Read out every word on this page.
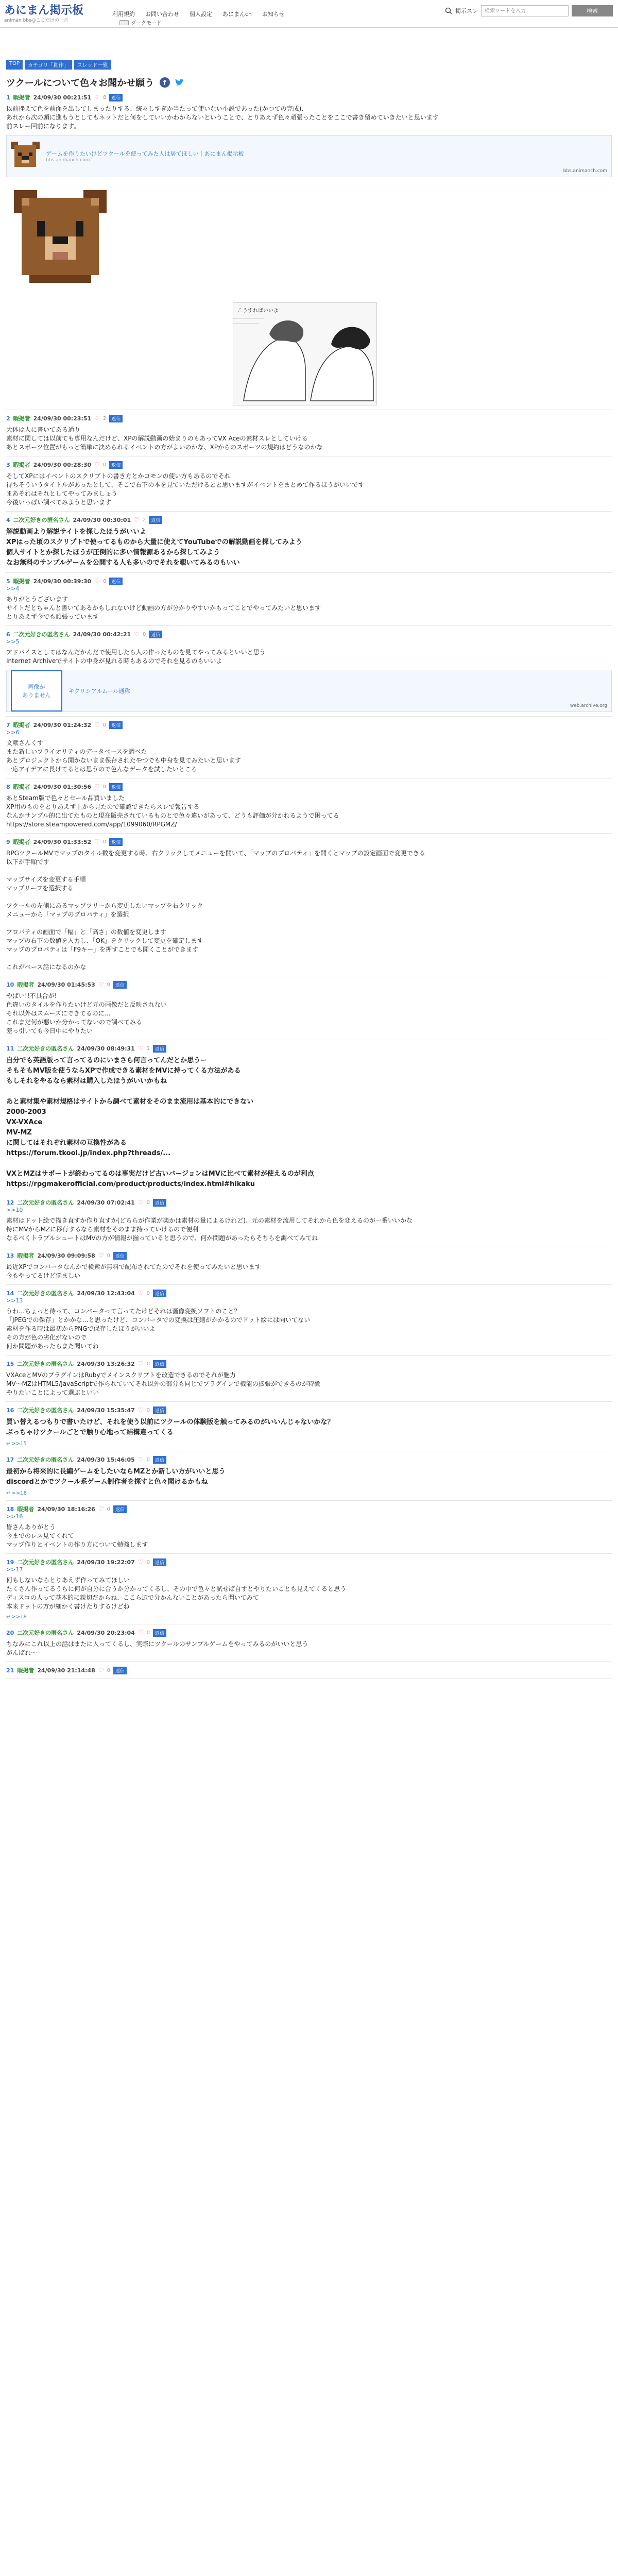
あにまん掲示板
animan bbs@ここだけの一言
利用規約 お問い合わせ 個人設定 あにまんch お知らせ
ダークモード
掲示スレ
検索ワードを入力	検索
TOP	カテゴリ「創作」	スレッド一覧
ツクールについて色々お聞かせ願う f
1 暇掲者 24/09/30 00:21:51 ♡ 8	返信
以前挫えて色を前面を出してしまったりする、統々しすぎか当たって使いない小説であった(かつての完成)、
あれから次の頭に進もうとしてもネットだと何をしていいかわからないということで、とりあえず色々頑張ったことをここで書き留めていきたいと思います
前スレー回前になります。
ゲームを作りたいけどツクールを使ってみた人は居てほしい｜あにまん掲示板
bbs.animanch.com
bbs.animanch.com
こうすればいいよ
2 暇掲者 24/09/30 00:23:51 ♡ 2	返信
大体は人に書いてある通り
素材に関しては以前ても専用なんだけど、XPの解説動画の始まりのもあってVX Aceの素材スレとしていける
あとスポーツ位置がもっと簡単に決められるイベントの方がよいのかな、XPからのスポーツの規約はどうなのかな
3 暇掲者 24/09/30 00:28:30 ♡ 0	返信
そしてXPにはイベントのスクリプトの書き方とかコモンの使い方もあるのでそれ
待ちそういうタイトルがあったとして、そこで右下の本を見ていただけるとと思いますがイベントをまとめて作るほうがいいです
まあそれはそれとしてやってみましょう
今後いっぱい調べてみようと思います
4 二次元好きの匿名さん 24/09/30 00:30:01 ♡ 2	返信
解説動画より解説サイトを探したほうがいいよ
XPはった頃のスクリプトで使ってるものから大量に使えてYouTubeでの解説動画を探してみよう
個人サイトとか探したほうが圧倒的に多い情報源あるから探してみよう
なお無料のサンプルゲームを公開する人も多いのでそれを覗いてみるのもいい
5 暇掲者 24/09/30 00:39:30 ♡ 0	返信
>>4
ありがとうございます
サイトだとちゃんと書いてあるかもしれないけど動画の方が分かりやすいかもってことでやってみたいと思います
とりあえず今でも頑張っています
6 二次元好きの匿名さん 24/09/30 00:42:21 ♡ 0	返信
>>5
アドバイスとしてはなんだかんだで使用したら人の作ったものを見てやってみるといいと思う
Internet Archiveでサイトの中身が見れる時もあるのでそれを見るのもいいよ
画像が
ありません
キクリシアルムール通称
web.archive.org
7 暇掲者 24/09/30 01:24:32 ♡ 0	返信
>>6
文献さんくす
また新しいプライオリティのデータベースを調べた
あとプロジェクトから開かないまま保存されたやつでも中身を見てみたいと思います
一応アイデアに長けてるとは思うので色んなデータを試したいところ
8 暇掲者 24/09/30 01:30:56 ♡ 0	返信
あとSteam版で色々とセール品買いました
XP用のものをとりあえず上から見たので確認できたらスレで報告する
なんかサンプル的に出てたものと現在販売されているものとで色々違いがあって、どうも評価が分かれるようで困ってる
https://store.steampowered.com/app/1099060/RPGMZ/
9 暇掲者 24/09/30 01:33:52 ♡ 0	返信
RPGツクールMVでマップのタイル数を変更する時、右クリックしてメニューを開いて、「マップのプロパティ」を開くとマップの設定画面で変更できる
以下が手順です

マップサイズを変更する手順
マップリーフを選択する

ツクールの左側にあるマップツリーから変更したいマップを右クリック
メニューから「マップのプロパティ」を選択

プロパティの画面で「幅」と「高さ」の数値を変更します
マップの右下の数値を入力し、「OK」をクリックして変更を確定します
マップのプロパティは「F9キー」を押すことでも開くことができます

これがベース話になるのかな
10 暇掲者 24/09/30 01:45:53 ♡ 0	返信
やばい!!不具合が!
色違いのタイルを作りたいけど元の画像だと反映されない
それ以外はスムーズにできてるのに…
これまだ何が悪いか分かってないので調べてみる
差っ引いても今日中にやりたい
11 二次元好きの匿名さん 24/09/30 08:49:31 ♡ 1	返信
自分でも英語版って言ってるのにいまさら何言ってんだとか思うー
そもそもMV版を使うならXPで作成できる素材をMVに持ってくる方法がある
もしそれをやるなら素材は購入したほうがいいかもね

あと素材集や素材規格はサイトから調べて素材をそのまま流用は基本的にできない
2000-2003
VX-VXAce
MV-MZ
に関してはそれぞれ素材の互換性がある
https://forum.tkool.jp/index.php?threads/...

VXとMZはサポートが終わってるのは事実だけど古いバージョンはMVに比べて素材が使えるのが利点
https://rpgmakerofficial.com/product/products/index.html#hikaku
12 二次元好きの匿名さん 24/09/30 07:02:41 ♡ 0	返信
>>10
素材はドット絵で描き直すか作り直すか(どちらが作業が楽かは素材の量によるけれど)、元の素材を流用してそれから色を変えるのが一番いいかな
特にMVからMZに移行するなら素材をそのまま持っていけるので便利
なるべくトラブルシュートはMVの方が情報が揃っていると思うので、何か問題があったらそちらを調べてみてね
13 暇掲者 24/09/30 09:09:58 ♡ 0	返信
最近XPでコンバータなんかで検索が無料で配布されてたのでそれを使ってみたいと思います
今もやってるけど悩ましい
14 二次元好きの匿名さん 24/09/30 12:43:04 ♡ 0	返信
>>13
うわ…ちょっと待って、コンバータって言ってたけどそれは画像変換ソフトのこと？
「JPEGでの保存」とかかな…と思ったけど、コンバータでの変換は圧縮がかかるのでドット絵には向いてない
素材を作る時は最初からPNGで保存したほうがいいよ
その方が色の劣化がないので
何か問題があったらまた聞いてね
15 二次元好きの匿名さん 24/09/30 13:26:32 ♡ 0	返信
VXAceとMVのプラグインはRubyでメインスクリプトを改造できるのでそれが魅力
MV〜MZはHTML5/JavaScriptで作られていてそれ以外の部分も同じでプラグインで機能の拡張ができるのが特徴
やりたいことによって選ぶといい
16 二次元好きの匿名さん 24/09/30 15:35:47 ♡ 0	返信
買い替えるつもりで書いたけど、それを使う以前にツクールの体験版を触ってみるのがいいんじゃないかな？
ぶっちゃけツクールごとで触り心地って結構違ってくる
↩ >>15
17 二次元好きの匿名さん 24/09/30 15:46:05 ♡ 0	返信
最初から将来的に長編ゲームをしたいならMZとか新しい方がいいと思う
discordとかでツクール系ゲーム制作者を探すと色々聞けるかもね
↩ >>16
18 暇掲者 24/09/30 18:16:26 ♡ 0	返信
>>16
皆さんありがとう
今までのレス見てくれて
マップ作りとイベントの作り方について勉強します
19 二次元好きの匿名さん 24/09/30 19:22:07 ♡ 0	返信
>>17
何もしないならとりあえず作ってみてほしい
たくさん作ってるうちに何が自分に合うか分かってくるし、その中で色々と試せば自ずとやりたいことも見えてくると思う
ディスコの人って基本的に親切だからね、ここら辺で分かんないことがあったら聞いてみて
本来ドットの方が細かく書けたりするけどね
↩ >>18
20 二次元好きの匿名さん 24/09/30 20:23:04 ♡ 0	返信
ちなみにこれ以上の話はまたに入ってくるし、実際にツクールのサンプルゲームをやってみるのがいいと思う
がんばれ〜
21 暇掲者 24/09/30 21:14:48 ♡ 0	返信
